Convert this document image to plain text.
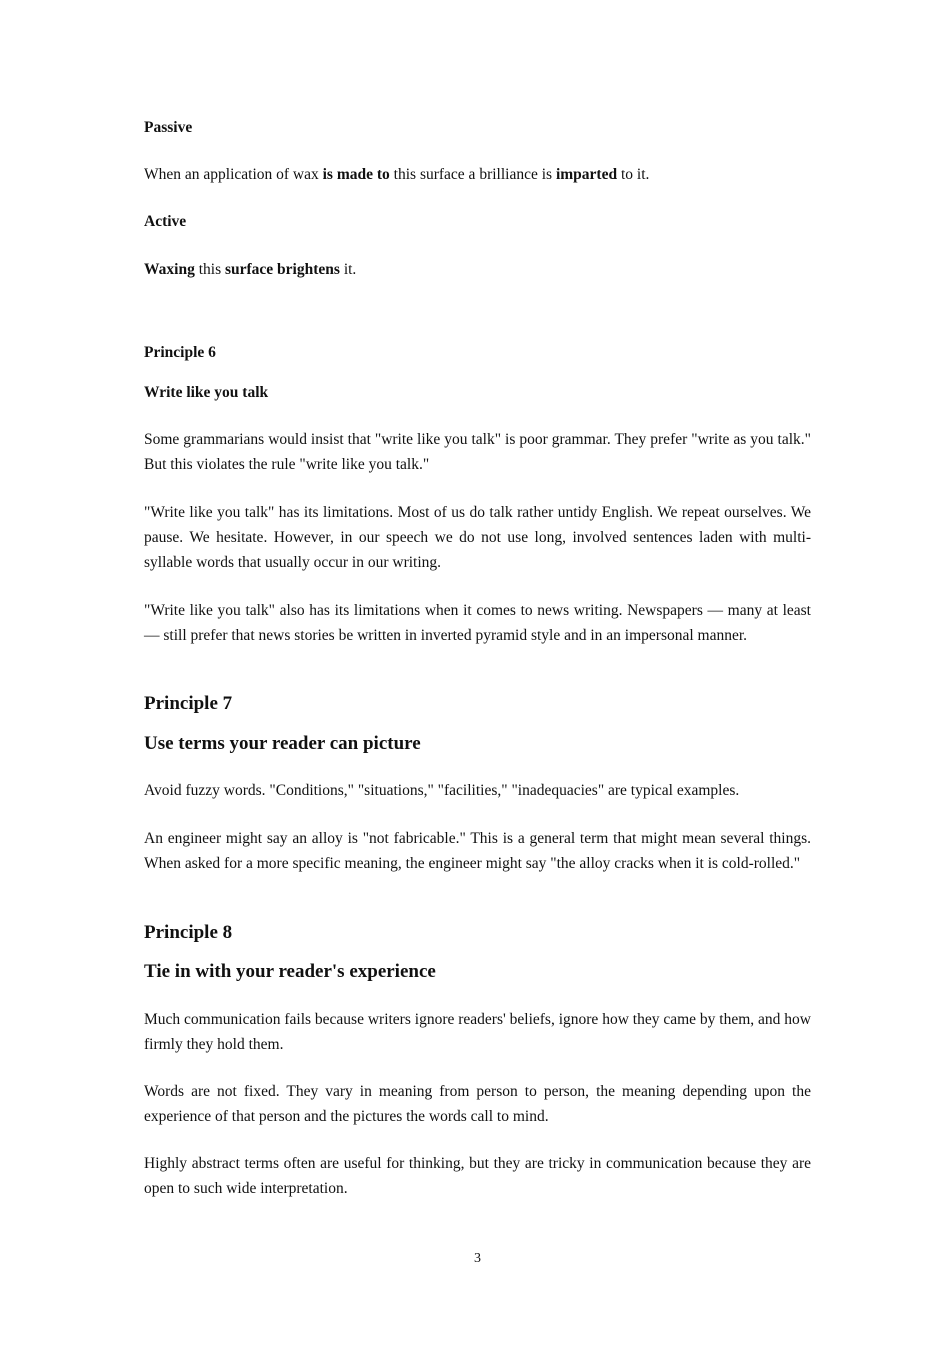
Passive

When an application of wax is made to this surface a brilliance is imparted to it.

Active

Waxing this surface brightens it.

Principle 6

Write like you talk

Some grammarians would insist that "write like you talk" is poor grammar. They prefer "write as you talk." But this violates the rule "write like you talk."

"Write like you talk" has its limitations. Most of us do talk rather untidy English. We repeat ourselves. We pause. We hesitate. However, in our speech we do not use long, involved sentences laden with multi-syllable words that usually occur in our writing.

"Write like you talk" also has its limitations when it comes to news writing. Newspapers — many at least — still prefer that news stories be written in inverted pyramid style and in an impersonal manner.

Principle 7

Use terms your reader can picture

Avoid fuzzy words. "Conditions," "situations," "facilities," "inadequacies" are typical examples.

An engineer might say an alloy is "not fabricable." This is a general term that might mean several things. When asked for a more specific meaning, the engineer might say "the alloy cracks when it is cold-rolled."

Principle 8

Tie in with your reader's experience

Much communication fails because writers ignore readers' beliefs, ignore how they came by them, and how firmly they hold them.

Words are not fixed. They vary in meaning from person to person, the meaning depending upon the experience of that person and the pictures the words call to mind.

Highly abstract terms often are useful for thinking, but they are tricky in communication because they are open to such wide interpretation.

3
